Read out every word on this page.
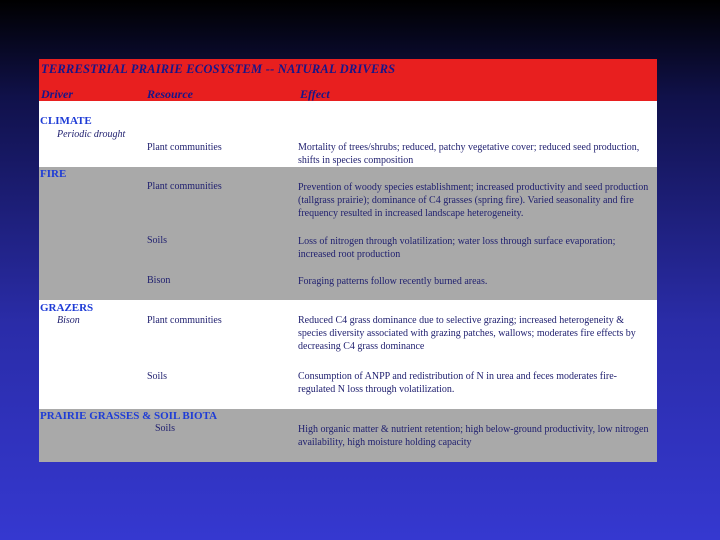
TERRESTRIAL PRAIRIE ECOSYSTEM -- NATURAL DRIVERS
Driver	Resource	Effect
CLIMATE
Periodic drought
Plant communities	Mortality of trees/shrubs; reduced, patchy vegetative cover; reduced seed production, shifts in species composition
FIRE
Plant communities	Prevention of woody species establishment; increased productivity and seed production (tallgrass prairie); dominance of C4 grasses (spring fire). Varied seasonality and fire frequency resulted in increased landscape heterogeneity.
Soils	Loss of nitrogen through volatilization; water loss through surface evaporation; increased root production
Bison	Foraging patterns follow recently burned areas.
GRAZERS
Bison	Plant communities	Reduced C4 grass dominance due to selective grazing; increased heterogeneity & species diversity associated with grazing patches, wallows; moderates fire effects by decreasing C4 grass dominance
Soils	Consumption of ANPP and redistribution of N in urea and feces moderates fire-regulated N loss through volatilization.
PRAIRIE GRASSES & SOIL BIOTA
Soils	High organic matter & nutrient retention; high below-ground productivity, low nitrogen availability, high moisture holding capacity
